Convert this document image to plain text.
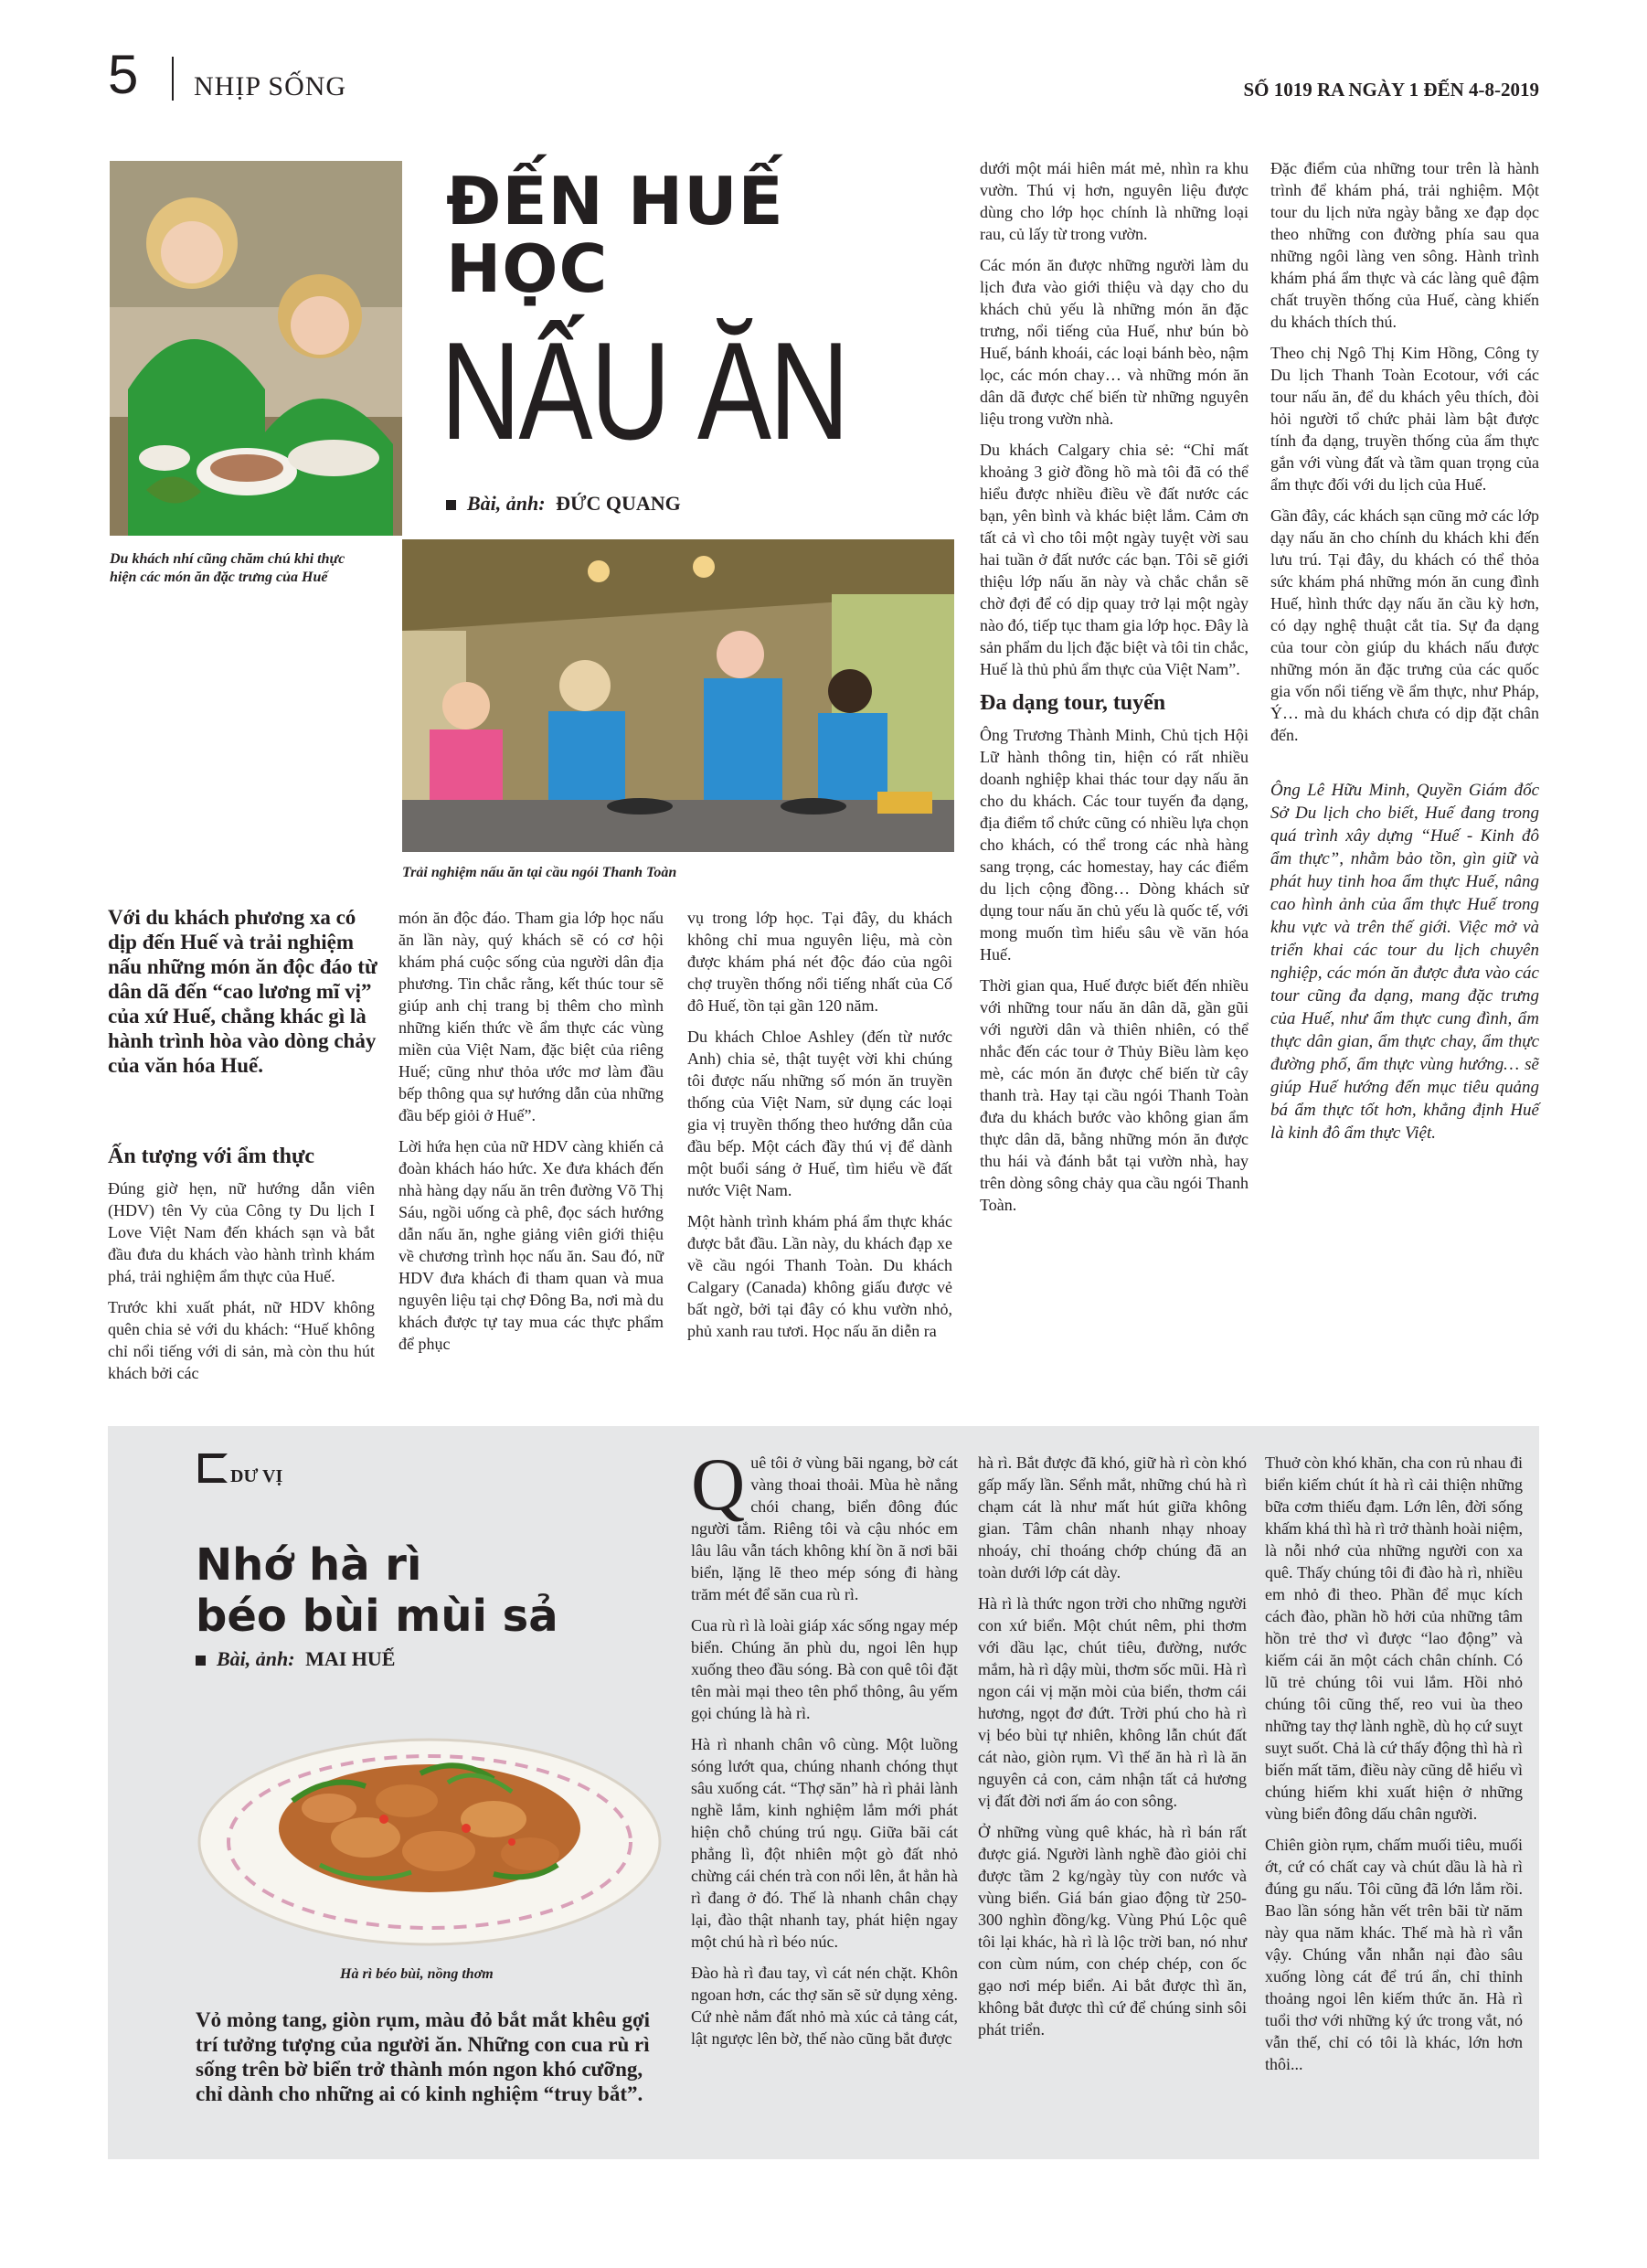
5 NHỊP SỐNG	SỐ 1019 RA NGÀY 1 ĐẾN 4-8-2019
Du khách nhí cũng chăm chú khi thực hiện các món ăn đặc trưng của Huế
ĐẾN HUẾ
HỌC
NẤU ĂN
Bài, ảnh: ĐỨC QUANG
Trải nghiệm nấu ăn tại cầu ngói Thanh Toàn
Với du khách phương xa có dịp đến Huế và trải nghiệm nấu những món ăn độc đáo từ dân dã đến “cao lương mĩ vị” của xứ Huế, chẳng khác gì là hành trình hòa vào dòng chảy của văn hóa Huế.
Ấn tượng với ẩm thực

Đúng giờ hẹn, nữ hướng dẫn viên (HDV) tên Vy của Công ty Du lịch I Love Việt Nam đến khách sạn và bắt đầu đưa du khách vào hành trình khám phá, trải nghiệm ẩm thực của Huế.

Trước khi xuất phát, nữ HDV không quên chia sẻ với du khách: “Huế không chỉ nổi tiếng với di sản, mà còn thu hút khách bởi các

món ăn độc đáo. Tham gia lớp học nấu ăn lần này, quý khách sẽ có cơ hội khám phá cuộc sống của người dân địa phương. Tin chắc rằng, kết thúc tour sẽ giúp anh chị trang bị thêm cho mình những kiến thức về ẩm thực các vùng miền của Việt Nam, đặc biệt của riêng Huế; cũng như thỏa ước mơ làm đầu bếp thông qua sự hướng dẫn của những đầu bếp giỏi ở Huế”.

Lời hứa hẹn của nữ HDV càng khiến cả đoàn khách háo hức. Xe đưa khách đến nhà hàng dạy nấu ăn trên đường Võ Thị Sáu, ngồi uống cà phê, đọc sách hướng dẫn nấu ăn, nghe giảng viên giới thiệu về chương trình học nấu ăn. Sau đó, nữ HDV đưa khách đi tham quan và mua nguyên liệu tại chợ Đông Ba, nơi mà du khách được tự tay mua các thực phẩm để phục

vụ trong lớp học. Tại đây, du khách không chỉ mua nguyên liệu, mà còn được khám phá nét độc đáo của ngôi chợ truyền thống nổi tiếng nhất của Cố đô Huế, tồn tại gần 120 năm.

Du khách Chloe Ashley (đến từ nước Anh) chia sẻ, thật tuyệt vời khi chúng tôi được nấu những số món ăn truyền thống của Việt Nam, sử dụng các loại gia vị truyền thống theo hướng dẫn của đầu bếp. Một cách đầy thú vị để dành một buổi sáng ở Huế, tìm hiểu về đất nước Việt Nam.

Một hành trình khám phá ẩm thực khác được bắt đầu. Lần này, du khách đạp xe về cầu ngói Thanh Toàn. Du khách Calgary (Canada) không giấu được vẻ bất ngờ, bởi tại đây có khu vườn nhỏ, phủ xanh rau tươi. Học nấu ăn diễn ra

dưới một mái hiên mát mẻ, nhìn ra khu vườn. Thú vị hơn, nguyên liệu được dùng cho lớp học chính là những loại rau, củ lấy từ trong vườn.

Các món ăn được những người làm du lịch đưa vào giới thiệu và dạy cho du khách chủ yếu là những món ăn đặc trưng, nổi tiếng của Huế, như bún bò Huế, bánh khoái, các loại bánh bèo, nậm lọc, các món chay… và những món ăn dân dã được chế biến từ những nguyên liệu trong vườn nhà.

Du khách Calgary chia sẻ: “Chỉ mất khoảng 3 giờ đồng hồ mà tôi đã có thể hiểu được nhiều điều về đất nước các bạn, yên bình và khác biệt lắm. Cảm ơn tất cả vì cho tôi một ngày tuyệt vời sau hai tuần ở đất nước các bạn. Tôi sẽ giới thiệu lớp nấu ăn này và chắc chắn sẽ chờ đợi để có dịp quay trở lại một ngày nào đó, tiếp tục tham gia lớp học. Đây là sản phẩm du lịch đặc biệt và tôi tin chắc, Huế là thủ phủ ẩm thực của Việt Nam”.

Đa dạng tour, tuyến

Ông Trương Thành Minh, Chủ tịch Hội Lữ hành thông tin, hiện có rất nhiều doanh nghiệp khai thác tour dạy nấu ăn cho du khách. Các tour tuyến đa dạng, địa điểm tổ chức cũng có nhiều lựa chọn cho khách, có thể trong các nhà hàng sang trọng, các homestay, hay các điểm du lịch cộng đồng… Dòng khách sử dụng tour nấu ăn chủ yếu là quốc tế, với mong muốn tìm hiểu sâu về văn hóa Huế.

Thời gian qua, Huế được biết đến nhiều với những tour nấu ăn dân dã, gần gũi với người dân và thiên nhiên, có thể nhắc đến các tour ở Thủy Biều làm kẹo mè, các món ăn được chế biến từ cây thanh trà. Hay tại cầu ngói Thanh Toàn đưa du khách bước vào không gian ẩm thực dân dã, bằng những món ăn được thu hái và đánh bắt tại vườn nhà, hay trên dòng sông chảy qua cầu ngói Thanh Toàn.

Đặc điểm của những tour trên là hành trình để khám phá, trải nghiệm. Một tour du lịch nửa ngày bằng xe đạp dọc theo những con đường phía sau qua những ngôi làng ven sông. Hành trình khám phá ẩm thực và các làng quê đậm chất truyền thống của Huế, càng khiến du khách thích thú.

Theo chị Ngô Thị Kim Hồng, Công ty Du lịch Thanh Toàn Ecotour, với các tour nấu ăn, để du khách yêu thích, đòi hỏi người tổ chức phải làm bật được tính đa dạng, truyền thống của ẩm thực gắn với vùng đất và tầm quan trọng của ẩm thực đối với du lịch của Huế.

Gần đây, các khách sạn cũng mở các lớp dạy nấu ăn cho chính du khách khi đến lưu trú. Tại đây, du khách có thể thỏa sức khám phá những món ăn cung đình Huế, hình thức dạy nấu ăn cầu kỳ hơn, có dạy nghệ thuật cắt tỉa. Sự đa dạng của tour còn giúp du khách nấu được những món ăn đặc trưng của các quốc gia vốn nổi tiếng về ẩm thực, như Pháp, Ý… mà du khách chưa có dịp đặt chân đến.

Ông Lê Hữu Minh, Quyền Giám đốc Sở Du lịch cho biết, Huế đang trong quá trình xây dựng “Huế - Kinh đô ẩm thực”, nhằm bảo tồn, gìn giữ và phát huy tinh hoa ẩm thực Huế, nâng cao hình ảnh của ẩm thực Huế trong khu vực và trên thế giới. Việc mở và triển khai các tour du lịch chuyên nghiệp, các món ăn được đưa vào các tour cũng đa dạng, mang đặc trưng của Huế, như ẩm thực cung đình, ẩm thực dân gian, ẩm thực chay, ẩm thực đường phố, ẩm thực vùng hướng… sẽ giúp Huế hướng đến mục tiêu quảng bá ẩm thực tốt hơn, khẳng định Huế là kinh đô ẩm thực Việt.

DƯ VỊ
Nhớ hà rì
béo bùi mùi sả
Bài, ảnh: MAI HUẾ
Hà rì béo bùi, nồng thơm
Vỏ mỏng tang, giòn rụm, màu đỏ bắt mắt khêu gợi trí tưởng tượng của người ăn. Những con cua rù rì sống trên bờ biển trở thành món ngon khó cưỡng, chỉ dành cho những ai có kinh nghiệm “truy bắt”.

Quê tôi ở vùng bãi ngang, bờ cát vàng thoai thoải. Mùa hè nắng chói chang, biển đông đúc người tắm. Riêng tôi và cậu nhóc em lâu lâu vẫn tách không khí ồn ã nơi bãi biển, lặng lẽ theo mép sóng đi hàng trăm mét để săn cua rù rì.

Cua rù rì là loài giáp xác sống ngay mép biển. Chúng ăn phù du, ngoi lên hụp xuống theo đầu sóng. Bà con quê tôi đặt tên mài mại theo tên phổ thông, âu yếm gọi chúng là hà rì.

Hà rì nhanh chân vô cùng. Một luồng sóng lướt qua, chúng nhanh chóng thụt sâu xuống cát. “Thợ săn” hà rì phải lành nghề lắm, kinh nghiệm lắm mới phát hiện chỗ chúng trú ngụ. Giữa bãi cát phẳng lì, đột nhiên một gò đất nhỏ chừng cái chén trà con nổi lên, ắt hẳn hà rì đang ở đó. Thế là nhanh chân chạy lại, đào thật nhanh tay, phát hiện ngay một chú hà rì béo núc.

Đào hà rì đau tay, vì cát nén chặt. Khôn ngoan hơn, các thợ săn sẽ sử dụng xẻng. Cứ nhè nắm đất nhỏ mà xúc cả tảng cát, lật ngược lên bờ, thế nào cũng bắt được

hà rì. Bắt được đã khó, giữ hà rì còn khó gấp mấy lần. Sểnh mắt, những chú hà rì chạm cát là như mất hút giữa không gian. Tâm chân nhanh nhạy nhoay nhoáy, chỉ thoáng chớp chúng đã an toàn dưới lớp cát dày.

Hà rì là thức ngon trời cho những người con xứ biển. Một chút nêm, phi thơm với dầu lạc, chút tiêu, đường, nước mắm, hà rì dậy mùi, thơm sốc mũi. Hà rì ngon cái vị mặn mòi của biển, thơm cái hương, ngọt đơ đứt. Trời phú cho hà rì vị béo bùi tự nhiên, không lẫn chút đất cát nào, giòn rụm. Vì thế ăn hà rì là ăn nguyên cả con, cảm nhận tất cả hương vị đất đời nơi ấm áo con sông.

Ở những vùng quê khác, hà rì bán rất được giá. Người lành nghề đào giỏi chỉ được tầm 2 kg/ngày tùy con nước và vùng biển. Giá bán giao động từ 250-300 nghìn đồng/kg. Vùng Phú Lộc quê tôi lại khác, hà rì là lộc trời ban, nó như con cùm núm, con chép chép, con ốc gạo nơi mép biển. Ai bắt được thì ăn, không bắt được thì cứ để chúng sinh sôi phát triển.

Thuở còn khó khăn, cha con rủ nhau đi biển kiếm chút ít hà rì cải thiện những bữa cơm thiếu đạm. Lớn lên, đời sống khấm khá thì hà rì trở thành hoài niệm, là nỗi nhớ của những người con xa quê. Thấy chúng tôi đi đào hà rì, nhiều em nhỏ đi theo. Phần để mục kích cách đào, phần hồ hởi của những tâm hồn trẻ thơ vì được “lao động” và kiếm cái ăn một cách chân chính. Có lũ trẻ chúng tôi vui lắm. Hồi nhỏ chúng tôi cũng thế, reo vui ùa theo những tay thợ lành nghề, dù họ cứ suỵt suỵt suốt. Chả là cứ thấy động thì hà rì biến mất tăm, điều này cũng dễ hiểu vì chúng hiếm khi xuất hiện ở những vùng biển đông dấu chân người.

Chiên giòn rụm, chấm muối tiêu, muối ớt, cứ có chất cay và chút dầu là hà rì đúng gu nấu. Tôi cũng đã lớn lắm rồi. Bao lần sóng hằn vết trên bãi từ năm này qua năm khác. Thế mà hà rì vẫn vậy. Chúng vẫn nhẫn nại đào sâu xuống lòng cát để trú ẩn, chỉ thỉnh thoảng ngoi lên kiếm thức ăn. Hà rì tuổi thơ với những ký ức trong vắt, nó vẫn thế, chỉ có tôi là khác, lớn hơn thôi...
